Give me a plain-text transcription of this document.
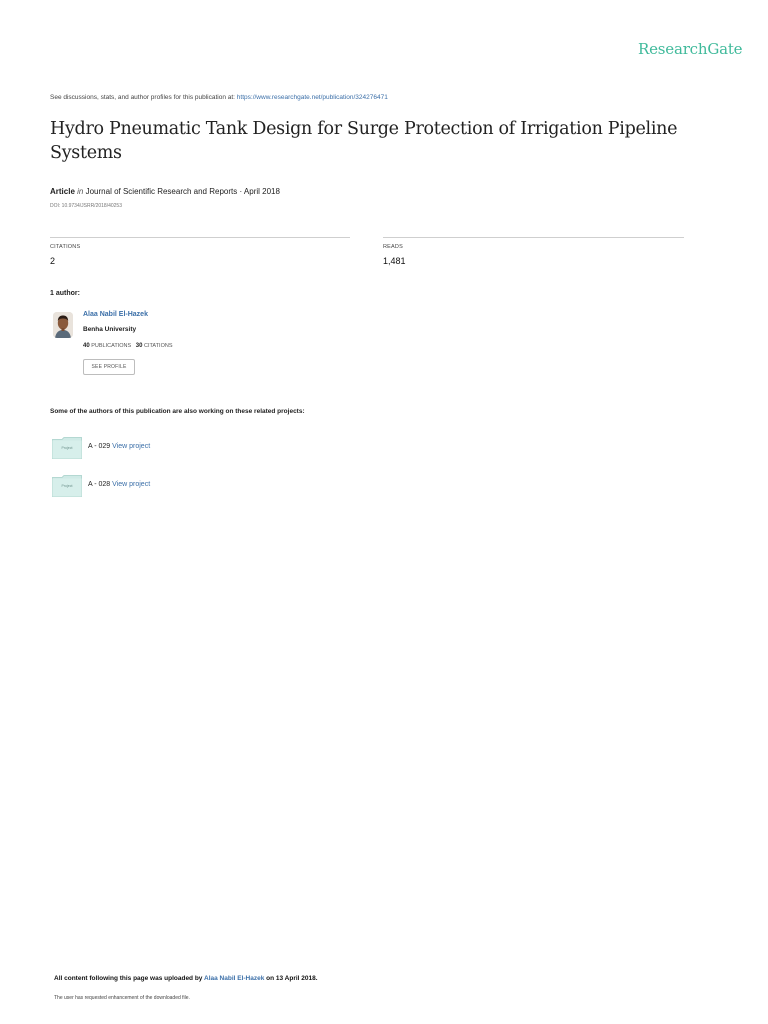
ResearchGate
See discussions, stats, and author profiles for this publication at: https://www.researchgate.net/publication/324276471
Hydro Pneumatic Tank Design for Surge Protection of Irrigation Pipeline Systems
Article in Journal of Scientific Research and Reports · April 2018
DOI: 10.9734/JSRR/2018/40253
CITATIONS
2
READS
1,481
1 author:
Alaa Nabil El-Hazek
Benha University
40 PUBLICATIONS 30 CITATIONS
SEE PROFILE
Some of the authors of this publication are also working on these related projects:
Project	A - 029 View project
Project	A - 028 View project
All content following this page was uploaded by Alaa Nabil El-Hazek on 13 April 2018.
The user has requested enhancement of the downloaded file.
